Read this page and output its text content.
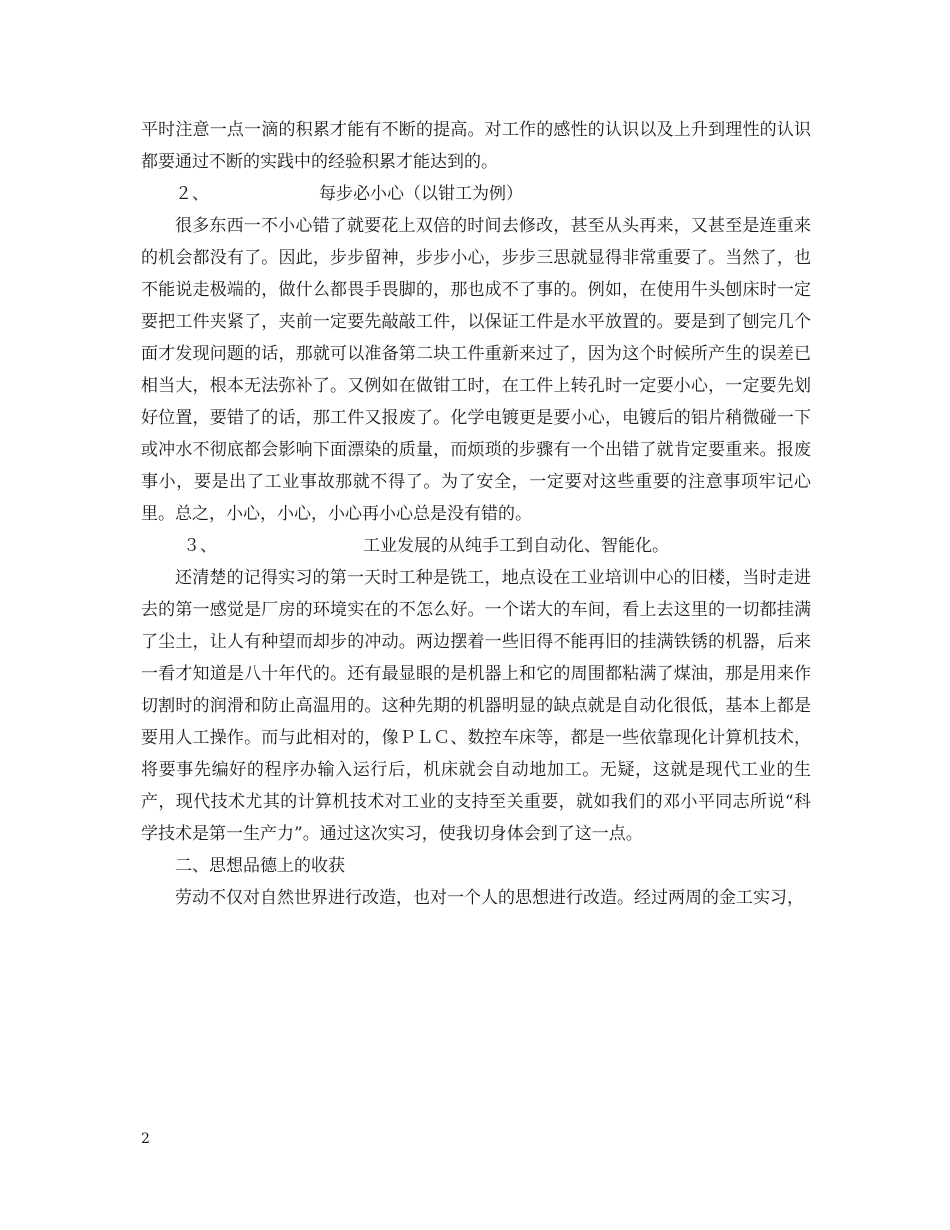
平时注意一点一滴的积累才能有不断的提高。对工作的感性的认识以及上升到理性的认识都要通过不断的实践中的经验积累才能达到的。

２、	每步必小心（以钳工为例）

很多东西一不小心错了就要花上双倍的时间去修改，甚至从头再来，又甚至是连重来的机会都没有了。因此，步步留神，步步小心，步步三思就显得非常重要了。当然了，也不能说走极端的，做什么都畏手畏脚的，那也成不了事的。例如，在使用牛头刨床时一定要把工件夹紧了，夹前一定要先敲敲工件，以保证工件是水平放置的。要是到了刨完几个面才发现问题的话，那就可以准备第二块工件重新来过了，因为这个时候所产生的误差已相当大，根本无法弥补了。又例如在做钳工时，在工件上转孔时一定要小心，一定要先划好位置，要错了的话，那工件又报废了。化学电镀更是要小心，电镀后的铝片稍微碰一下或冲水不彻底都会影响下面漂染的质量，而烦琐的步骤有一个出错了就肯定要重来。报废事小，要是出了工业事故那就不得了。为了安全，一定要对这些重要的注意事项牢记心里。总之，小心，小心，小心再小心总是没有错的。

３、	工业发展的从纯手工到自动化、智能化。

还清楚的记得实习的第一天时工种是铣工，地点设在工业培训中心的旧楼，当时走进去的第一感觉是厂房的环境实在的不怎么好。一个诺大的车间，看上去这里的一切都挂满了尘土，让人有种望而却步的冲动。两边摆着一些旧得不能再旧的挂满铁锈的机器，后来一看才知道是八十年代的。还有最显眼的是机器上和它的周围都粘满了煤油，那是用来作切割时的润滑和防止高温用的。这种先期的机器明显的缺点就是自动化很低，基本上都是要用人工操作。而与此相对的，像ＰＬＣ、数控车床等，都是一些依靠现化计算机技术，将要事先编好的程序办输入运行后，机床就会自动地加工。无疑，这就是现代工业的生产，现代技术尤其的计算机技术对工业的支持至关重要，就如我们的邓小平同志所说“科学技术是第一生产力”。通过这次实习，使我切身体会到了这一点。

二、思想品德上的收获

劳动不仅对自然世界进行改造，也对一个人的思想进行改造。经过两周的金工实习，

2
